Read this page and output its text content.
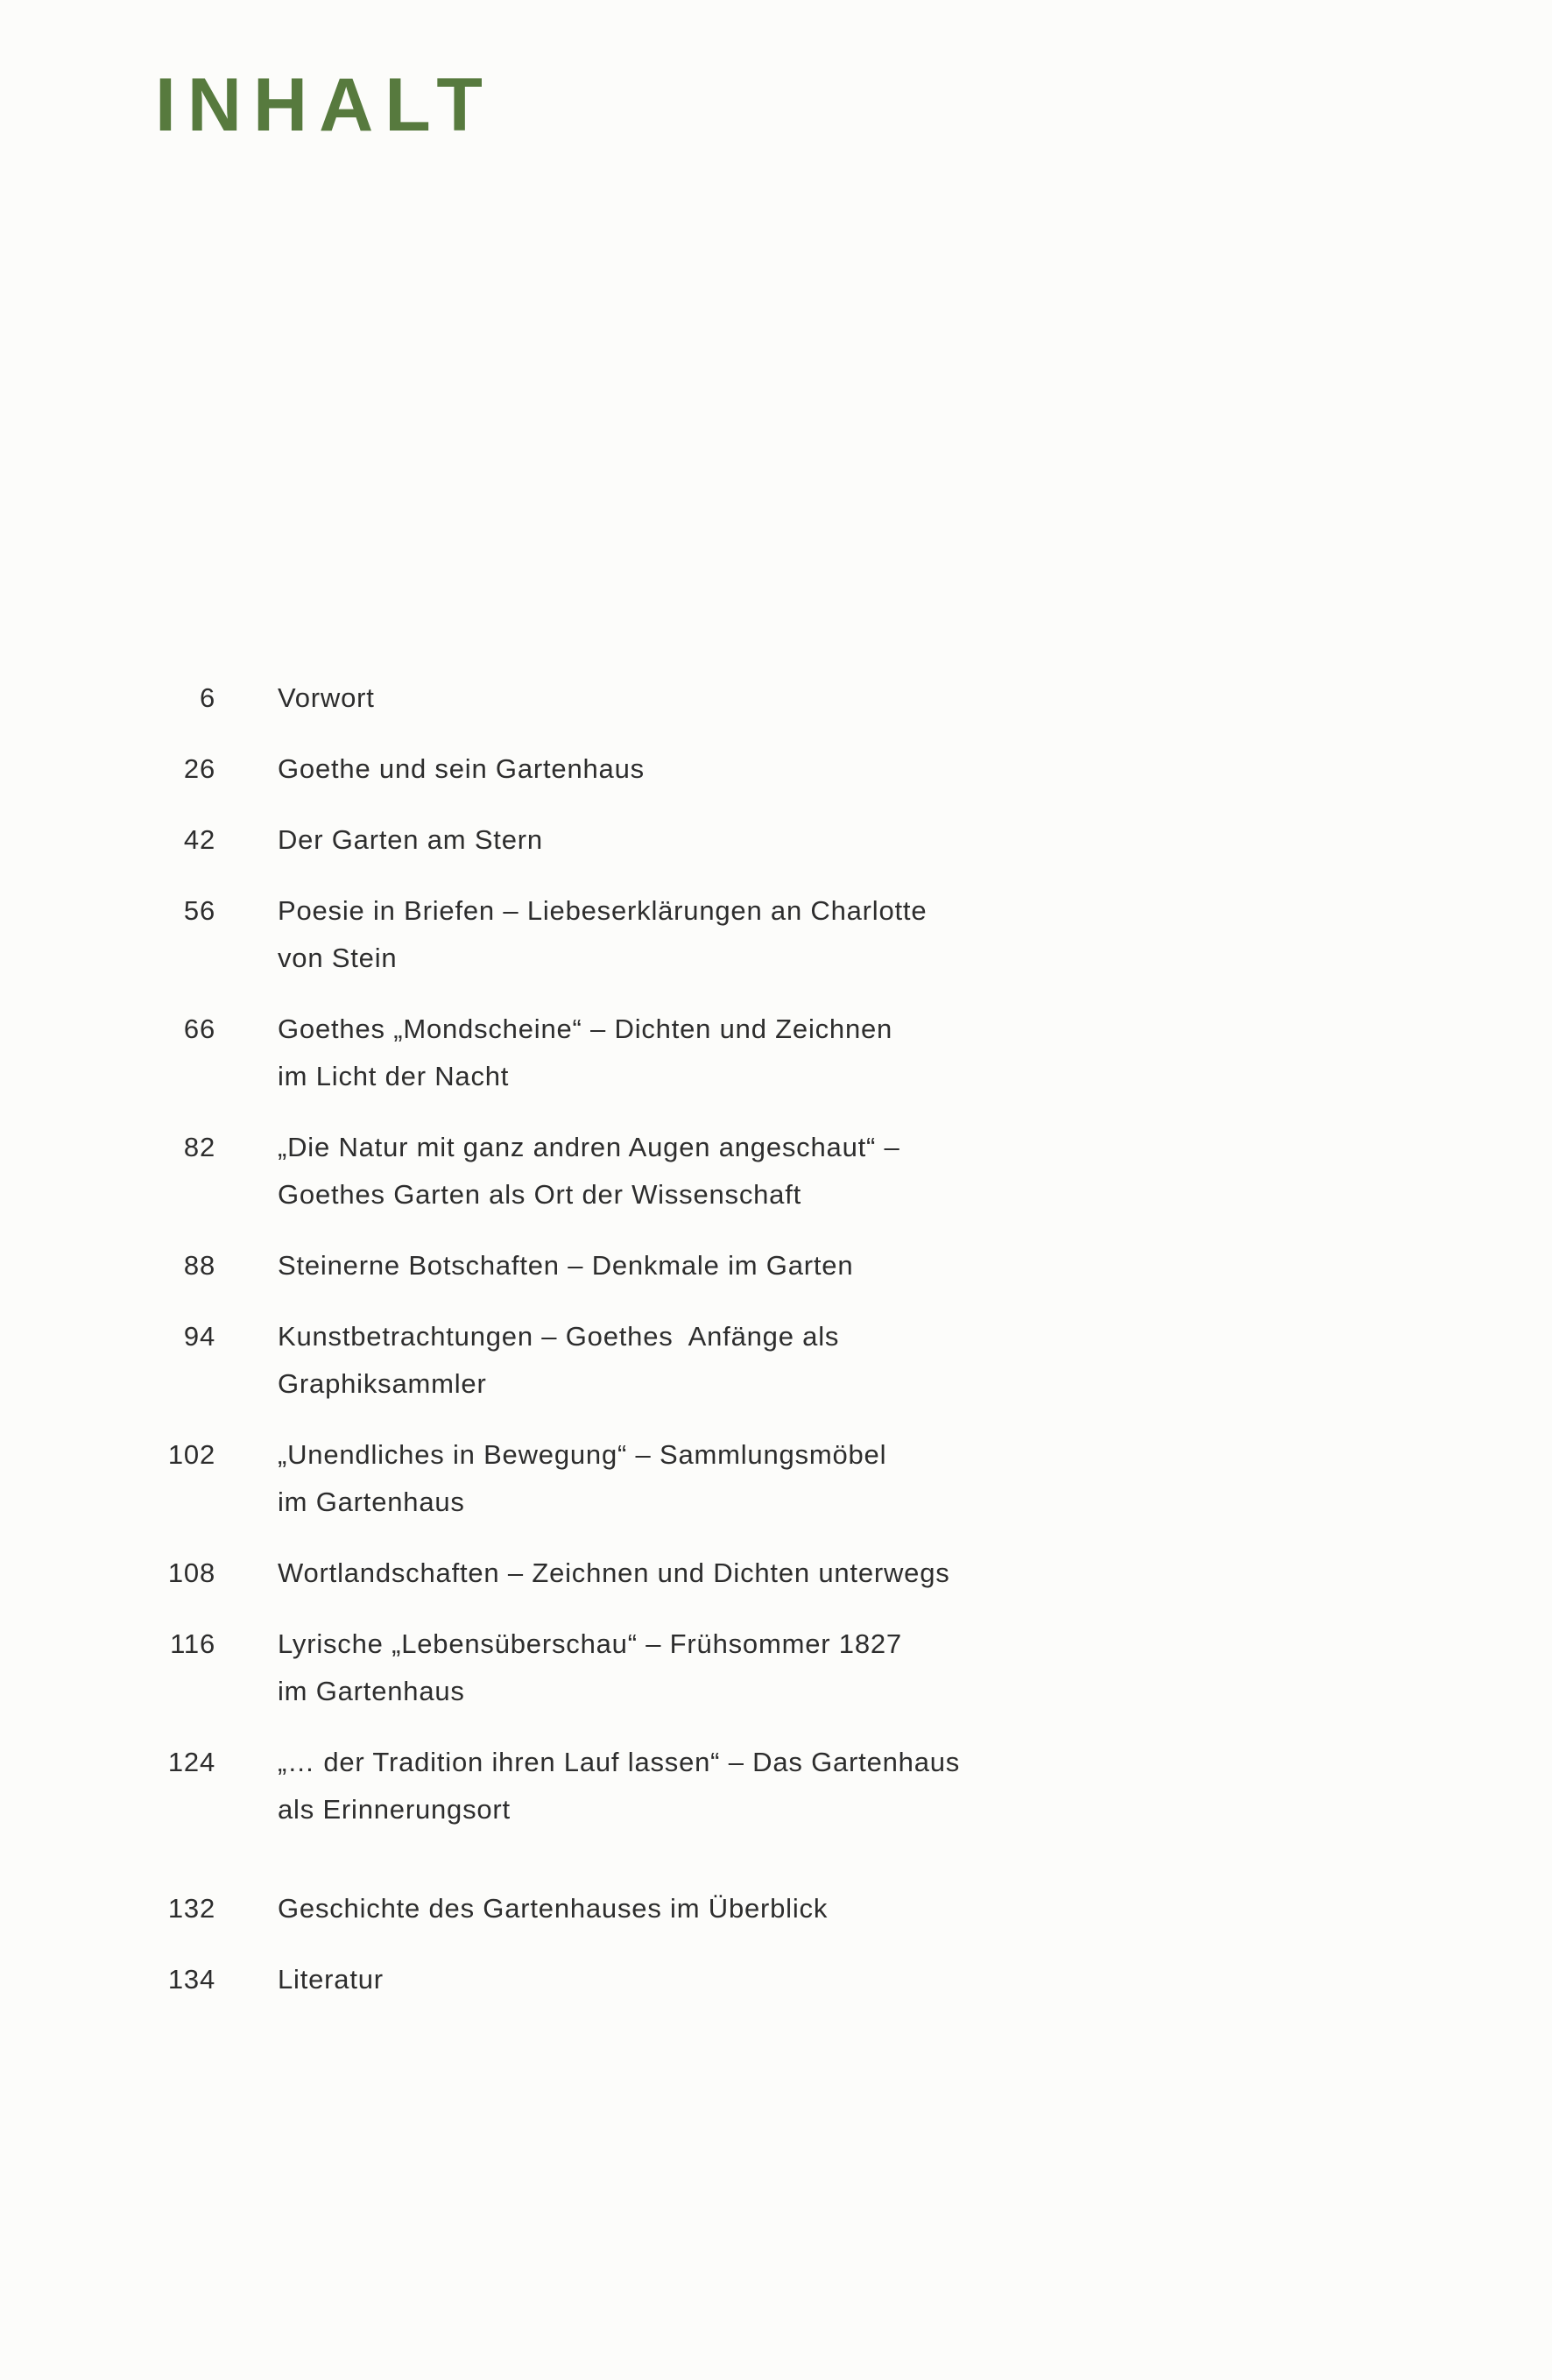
INHALT
6 Vorwort
26 Goethe und sein Gartenhaus
42 Der Garten am Stern
56 Poesie in Briefen – Liebeserklärungen an Charlotte
von Stein
66 Goethes „Mondscheine“ – Dichten und Zeichnen
im Licht der Nacht
82 „Die Natur mit ganz andren Augen angeschaut“ –
Goethes Garten als Ort der Wissenschaft
88 Steinerne Botschaften – Denkmale im Garten
94 Kunstbetrachtungen – Goethes  Anfänge als
Graphiksammler
102 „Unendliches in Bewegung“ – Sammlungsmöbel
im Gartenhaus
108 Wortlandschaften – Zeichnen und Dichten unterwegs
116 Lyrische „Lebensüberschau“ – Frühsommer 1827
im Gartenhaus
124 „… der Tradition ihren Lauf lassen“ – Das Gartenhaus
als Erinnerungsort
132 Geschichte des Gartenhauses im Überblick
134 Literatur
